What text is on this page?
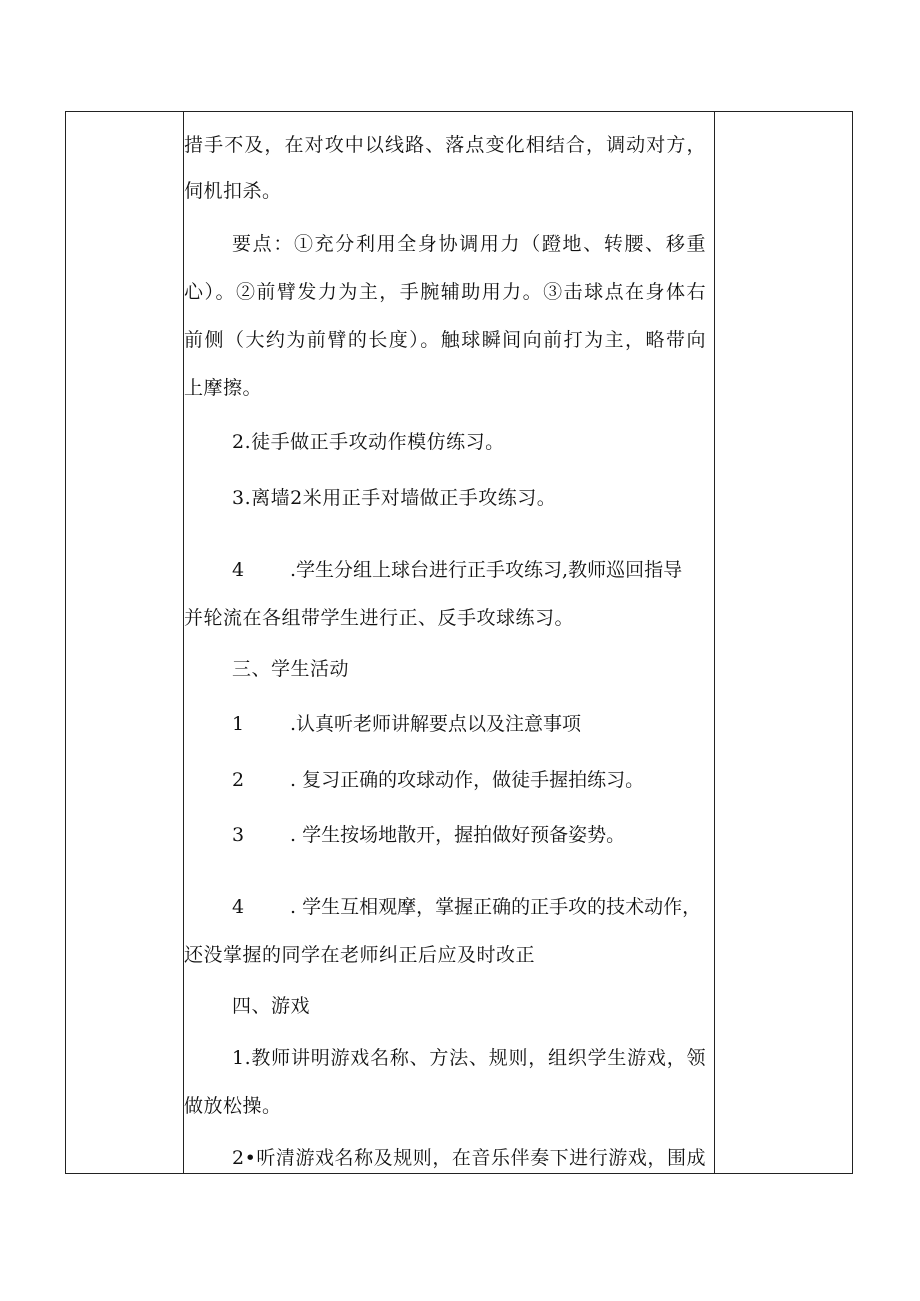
措手不及，在对攻中以线路、落点变化相结合，调动对方，
伺机扣杀。
要点：①充分利用全身协调用力（蹬地、转腰、移重
心）。②前臂发力为主，手腕辅助用力。③击球点在身体右
前侧（大约为前臂的长度）。触球瞬间向前打为主，略带向
上摩擦。
2.徒手做正手攻动作模仿练习。
3.离墙2米用正手对墙做正手攻练习。
4 .学生分组上球台进行正手攻练习,教师巡回指导
并轮流在各组带学生进行正、反手攻球练习。
三、学生活动
1 .认真听老师讲解要点以及注意事项
2 . 复习正确的攻球动作，做徒手握拍练习。
3 . 学生按场地散开，握拍做好预备姿势。
4 . 学生互相观摩，掌握正确的正手攻的技术动作，
还没掌握的同学在老师纠正后应及时改正
四、游戏
1.教师讲明游戏名称、方法、规则，组织学生游戏，领
做放松操。
2•听清游戏名称及规则，在音乐伴奏下进行游戏，围成
